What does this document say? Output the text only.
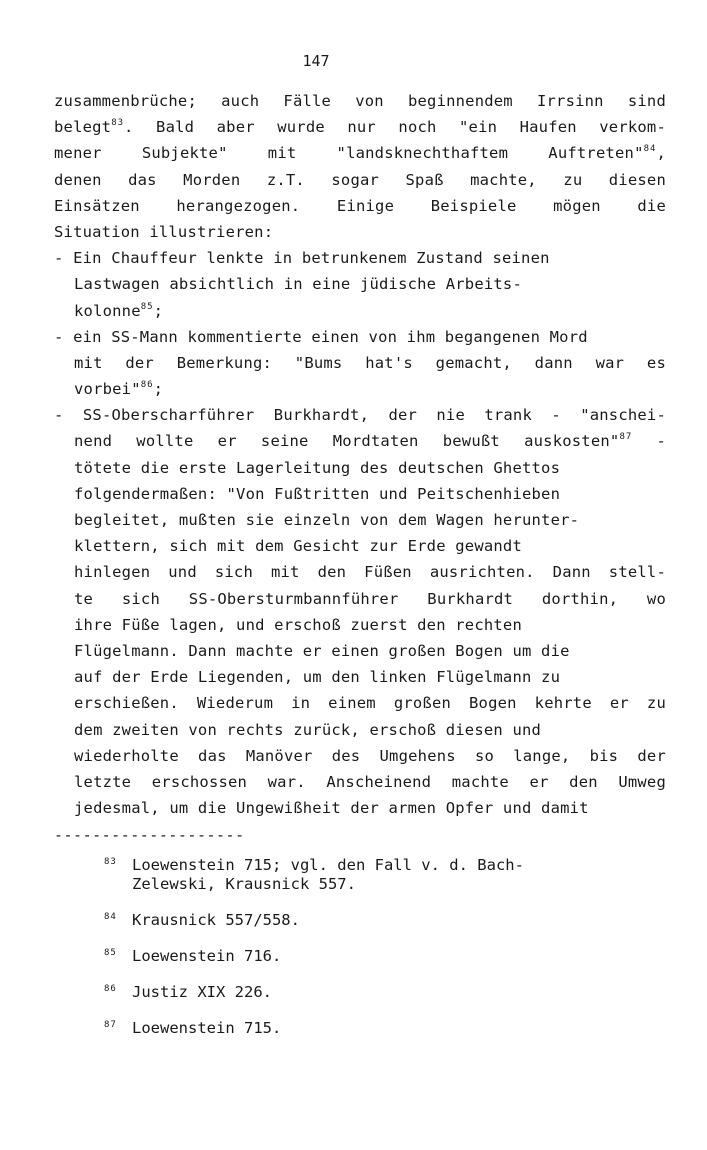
147
zusammenbrüche; auch Fälle von beginnendem Irrsinn sind
belegt$^{83}$. Bald aber wurde nur noch "ein Haufen verkom-
mener Subjekte" mit "landsknechthaftem Auftreten"$^{84}$,
denen das Morden z.T. sogar Spaß machte, zu diesen
Einsätzen herangezogen. Einige Beispiele mögen die
Situation illustrieren:
- Ein Chauffeur lenkte in betrunkenem Zustand seinen
Lastwagen absichtlich in eine jüdische Arbeits-
kolonne$^{85}$;
- ein SS-Mann kommentierte einen von ihm begangenen Mord
mit der Bemerkung: "Bums hat's gemacht, dann war es
vorbei"$^{86}$;
- SS-Oberscharführer Burkhardt, der nie trank - "anschei-
nend wollte er seine Mordtaten bewußt auskosten"$^{87}$ -
tötete die erste Lagerleitung des deutschen Ghettos
folgendermaßen: "Von Fußtritten und Peitschenhieben
begleitet, mußten sie einzeln von dem Wagen herunter-
klettern, sich mit dem Gesicht zur Erde gewandt
hinlegen und sich mit den Füßen ausrichten. Dann stell-
te sich SS-Obersturmbannführer Burkhardt dorthin, wo
ihre Füße lagen, und erschoß zuerst den rechten
Flügelmann. Dann machte er einen großen Bogen um die
auf der Erde Liegenden, um den linken Flügelmann zu
erschießen. Wiederum in einem großen Bogen kehrte er zu
dem zweiten von rechts zurück, erschoß diesen und
wiederholte das Manöver des Umgehens so lange, bis der
letzte erschossen war. Anscheinend machte er den Umweg
jedesmal, um die Ungewißheit der armen Opfer und damit
--------------------
$^{83}$ Loewenstein 715; vgl. den Fall v. d. Bach-
Zelewski, Krausnick 557.
$^{84}$ Krausnick 557/558.
$^{85}$ Loewenstein 716.
$^{86}$ Justiz XIX 226.
$^{87}$ Loewenstein 715.
